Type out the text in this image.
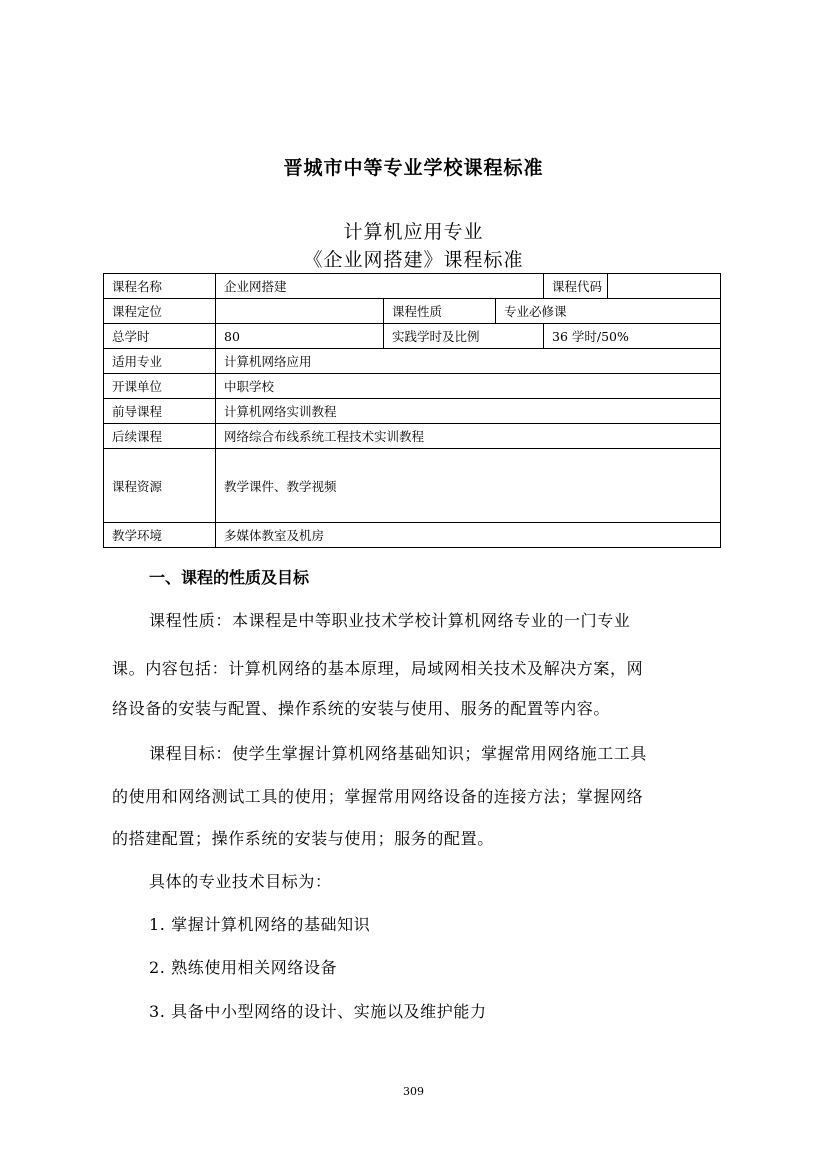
晋城市中等专业学校课程标准
计算机应用专业
《企业网搭建》课程标准
课程名称	企业网搭建			课程代码	
课程定位		课程性质	专业必修课		
总学时	80	实践学时及比例		36 学时/50%	
适用专业	计算机网络应用				
开课单位	中职学校				
前导课程	计算机网络实训教程				
后续课程	网络综合布线系统工程技术实训教程				
课程资源	教学课件、教学视频				
教学环境	多媒体教室及机房				
一、课程的性质及目标
课程性质：本课程是中等职业技术学校计算机网络专业的一门专业
课。内容包括：计算机网络的基本原理，局域网相关技术及解决方案，网
络设备的安装与配置、操作系统的安装与使用、服务的配置等内容。
课程目标：使学生掌握计算机网络基础知识；掌握常用网络施工工具
的使用和网络测试工具的使用；掌握常用网络设备的连接方法；掌握网络
的搭建配置；操作系统的安装与使用；服务的配置。
具体的专业技术目标为：
1. 掌握计算机网络的基础知识
2. 熟练使用相关网络设备
3. 具备中小型网络的设计、实施以及维护能力
309
